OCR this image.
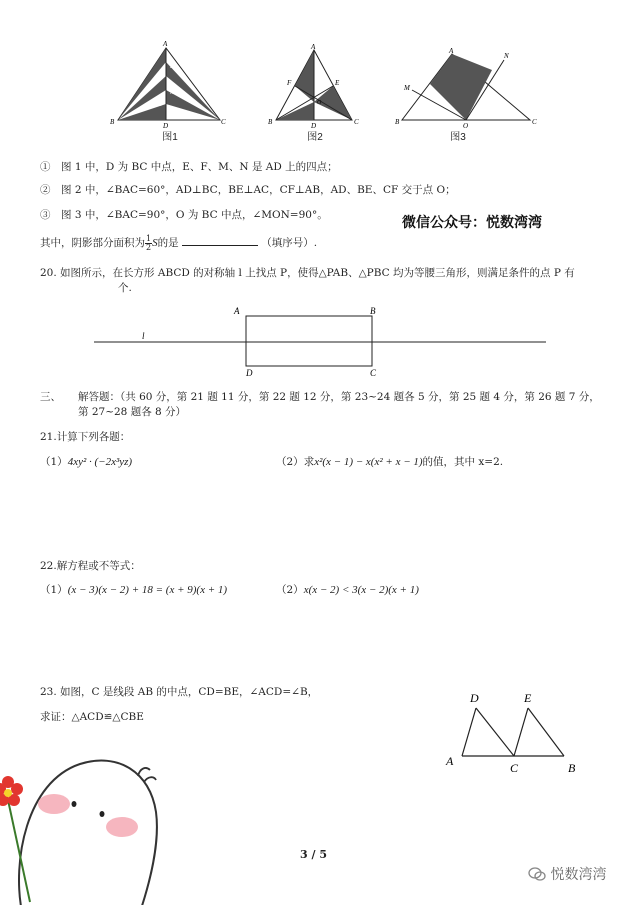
A
B	C
D
E
F
M
N
图1
A
B	C
D
E
F
O
图2
A
B	C
M
N
O
图3
①　图 1 中，D 为 BC 中点，E、F、M、N 是 AD 上的四点；
②　图 2 中，∠BAC=60°，AD⊥BC，BE⊥AC，CF⊥AB，AD、BE、CF 交于点 O；
③　图 3 中，∠BAC=90°，O 为 BC 中点，∠MON=90°。	微信公众号：悦数湾湾
其中，阴影部分面积为 $\frac{1}{2}$ S的是	（填序号）.
20. 如图所示，在长方形 ABCD 的对称轴 l 上找点 P，使得△PAB、△PBC 均为等腰三角形，则满足条件的点 P 有
个.
l
A	B
D	C
三、 解答题：（共 60 分，第 21 题 11 分，第 22 题 12 分，第 23~24 题各 5 分，第 25 题 4 分，第 26 题 7 分，
第 27~28 题各 8 分）
21.计算下列各题：
（1）4xy² · (−2x³yz)	（2）求x²(x − 1) − x(x² + x − 1)的值，其中 x=2.
22.解方程或不等式：
（1）(x − 3)(x − 2) + 18 = (x + 9)(x + 1)	（2）x(x − 2) < 3(x − 2)(x + 1)
23. 如图，C 是线段 AB 的中点，CD=BE，∠ACD=∠B，
求证：△ACD≌△CBE
D	E
A	C	B
3 / 5
悦数湾湾
